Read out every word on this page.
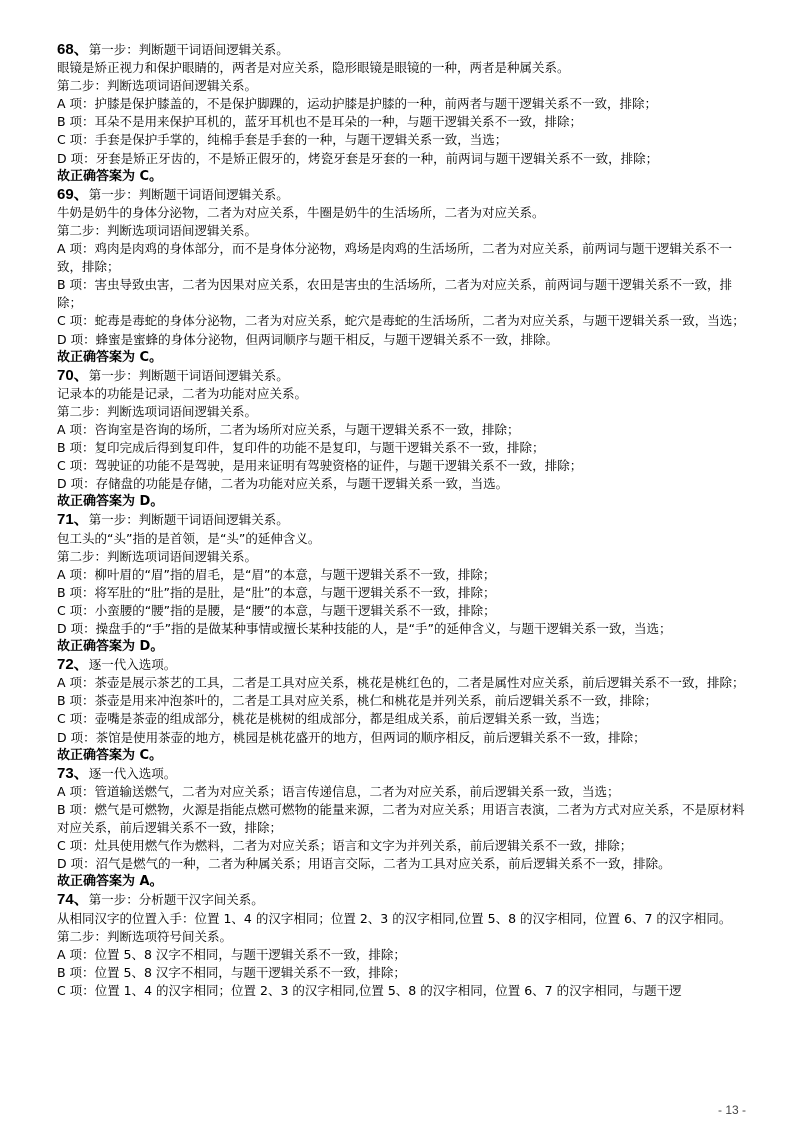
68、第一步：判断题干词语间逻辑关系。
眼镜是矫正视力和保护眼睛的，两者是对应关系，隐形眼镜是眼镜的一种，两者是种属关系。
第二步：判断选项词语间逻辑关系。
A 项：护膝是保护膝盖的，不是保护脚踝的，运动护膝是护膝的一种，前两者与题干逻辑关系不一致，排除；
B 项：耳朵不是用来保护耳机的，蓝牙耳机也不是耳朵的一种，与题干逻辑关系不一致，排除；
C 项：手套是保护手掌的，纯棉手套是手套的一种，与题干逻辑关系一致，当选；
D 项：牙套是矫正牙齿的，不是矫正假牙的，烤瓷牙套是牙套的一种，前两词与题干逻辑关系不一致，排除；
故正确答案为 C。
69、第一步：判断题干词语间逻辑关系。
牛奶是奶牛的身体分泌物，二者为对应关系，牛圈是奶牛的生活场所，二者为对应关系。
第二步：判断选项词语间逻辑关系。
A 项：鸡肉是肉鸡的身体部分，而不是身体分泌物，鸡场是肉鸡的生活场所，二者为对应关系，前两词与题干逻辑关系不一致，排除；
B 项：害虫导致虫害，二者为因果对应关系，农田是害虫的生活场所，二者为对应关系，前两词与题干逻辑关系不一致，排除；
C 项：蛇毒是毒蛇的身体分泌物，二者为对应关系，蛇穴是毒蛇的生活场所，二者为对应关系，与题干逻辑关系一致，当选；
D 项：蜂蜜是蜜蜂的身体分泌物，但两词顺序与题干相反，与题干逻辑关系不一致，排除。
故正确答案为 C。
70、第一步：判断题干词语间逻辑关系。
记录本的功能是记录，二者为功能对应关系。
第二步：判断选项词语间逻辑关系。
A 项：咨询室是咨询的场所，二者为场所对应关系，与题干逻辑关系不一致，排除；
B 项：复印完成后得到复印件，复印件的功能不是复印，与题干逻辑关系不一致，排除；
C 项：驾驶证的功能不是驾驶，是用来证明有驾驶资格的证件，与题干逻辑关系不一致，排除；
D 项：存储盘的功能是存储，二者为功能对应关系，与题干逻辑关系一致，当选。
故正确答案为 D。
71、第一步：判断题干词语间逻辑关系。
包工头的“头”指的是首领，是“头”的延伸含义。
第二步：判断选项词语间逻辑关系。
A 项：柳叶眉的“眉”指的眉毛，是“眉”的本意，与题干逻辑关系不一致，排除；
B 项：将军肚的“肚”指的是肚，是“肚”的本意，与题干逻辑关系不一致，排除；
C 项：小蛮腰的“腰”指的是腰，是“腰”的本意，与题干逻辑关系不一致，排除；
D 项：操盘手的“手”指的是做某种事情或擅长某种技能的人，是“手”的延伸含义，与题干逻辑关系一致，当选；
故正确答案为 D。
72、逐一代入选项。
A 项：茶壶是展示茶艺的工具，二者是工具对应关系，桃花是桃红色的，二者是属性对应关系，前后逻辑关系不一致，排除；
B 项：茶壶是用来冲泡茶叶的，二者是工具对应关系，桃仁和桃花是并列关系，前后逻辑关系不一致，排除；
C 项：壶嘴是茶壶的组成部分，桃花是桃树的组成部分，都是组成关系，前后逻辑关系一致，当选；
D 项：茶馆是使用茶壶的地方，桃园是桃花盛开的地方，但两词的顺序相反，前后逻辑关系不一致，排除；
故正确答案为 C。
73、逐一代入选项。
A 项：管道输送燃气，二者为对应关系；语言传递信息，二者为对应关系，前后逻辑关系一致，当选；
B 项：燃气是可燃物，火源是指能点燃可燃物的能量来源，二者为对应关系；用语言表演，二者为方式对应关系，不是原材料对应关系，前后逻辑关系不一致，排除；
C 项：灶具使用燃气作为燃料，二者为对应关系；语言和文字为并列关系，前后逻辑关系不一致，排除；
D 项：沼气是燃气的一种，二者为种属关系；用语言交际，二者为工具对应关系，前后逻辑关系不一致，排除。
故正确答案为 A。
74、第一步：分析题干汉字间关系。
从相同汉字的位置入手：位置 1、4 的汉字相同；位置 2、3 的汉字相同,位置 5、8 的汉字相同，位置 6、7 的汉字相同。
第二步：判断选项符号间关系。
A 项：位置 5、8 汉字不相同，与题干逻辑关系不一致，排除；
B 项：位置 5、8 汉字不相同，与题干逻辑关系不一致，排除；
C 项：位置 1、4 的汉字相同；位置 2、3 的汉字相同,位置 5、8 的汉字相同，位置 6、7 的汉字相同，与题干逻
- 13 -
